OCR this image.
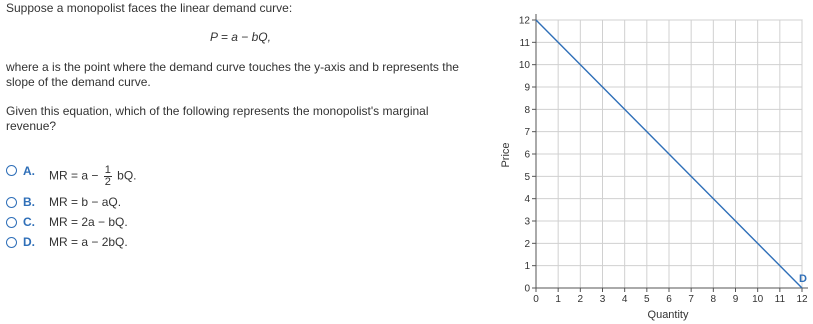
Suppose a monopolist faces the linear demand curve:
P = a − bQ,
where a is the point where the demand curve touches the y-axis and b represents the slope of the demand curve.
Given this equation, which of the following represents the monopolist's marginal revenue?
A. MR = $a - \frac{1}{2}$ bQ.
B. MR = b − aQ.
C. MR = 2a − bQ.
D. MR = a − 2bQ.
0 1 2 3 4 5 6 7 8 9 10 11 12
0
1
2
3
4
5
6
7
8
9
10
11
12
D
Quantity
Price
